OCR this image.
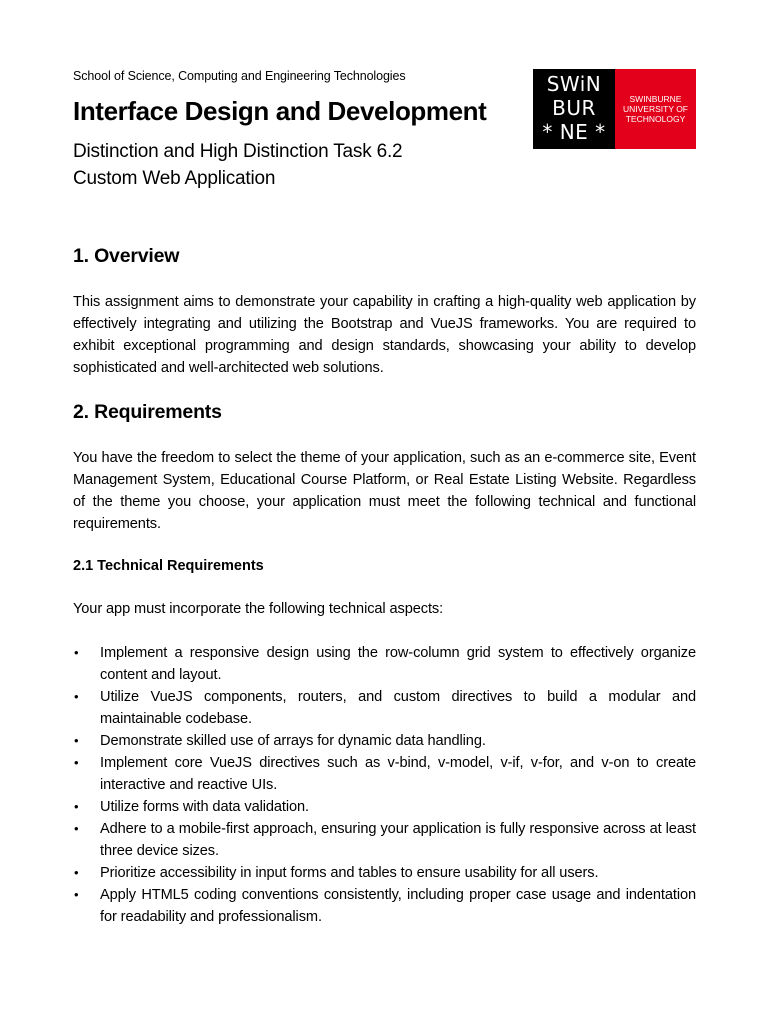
School of Science, Computing and Engineering Technologies
Interface Design and Development
Distinction and High Distinction Task 6.2
Custom Web Application
SWiN
BUR
* NE *
SWINBURNE
UNIVERSITY OF
TECHNOLOGY
1. Overview

This assignment aims to demonstrate your capability in crafting a high-quality web application by effectively integrating and utilizing the Bootstrap and VueJS frameworks. You are required to exhibit exceptional programming and design standards, showcasing your ability to develop sophisticated and well-architected web solutions.

2. Requirements

You have the freedom to select the theme of your application, such as an e-commerce site, Event Management System, Educational Course Platform, or Real Estate Listing Website. Regardless of the theme you choose, your application must meet the following technical and functional requirements.

2.1 Technical Requirements

Your app must incorporate the following technical aspects:

• Implement a responsive design using the row-column grid system to effectively organize content and layout.
• Utilize VueJS components, routers, and custom directives to build a modular and maintainable codebase.
• Demonstrate skilled use of arrays for dynamic data handling.
• Implement core VueJS directives such as v-bind, v-model, v-if, v-for, and v-on to create interactive and reactive UIs.
• Utilize forms with data validation.
• Adhere to a mobile-first approach, ensuring your application is fully responsive across at least three device sizes.
• Prioritize accessibility in input forms and tables to ensure usability for all users.
• Apply HTML5 coding conventions consistently, including proper case usage and indentation for readability and professionalism.
